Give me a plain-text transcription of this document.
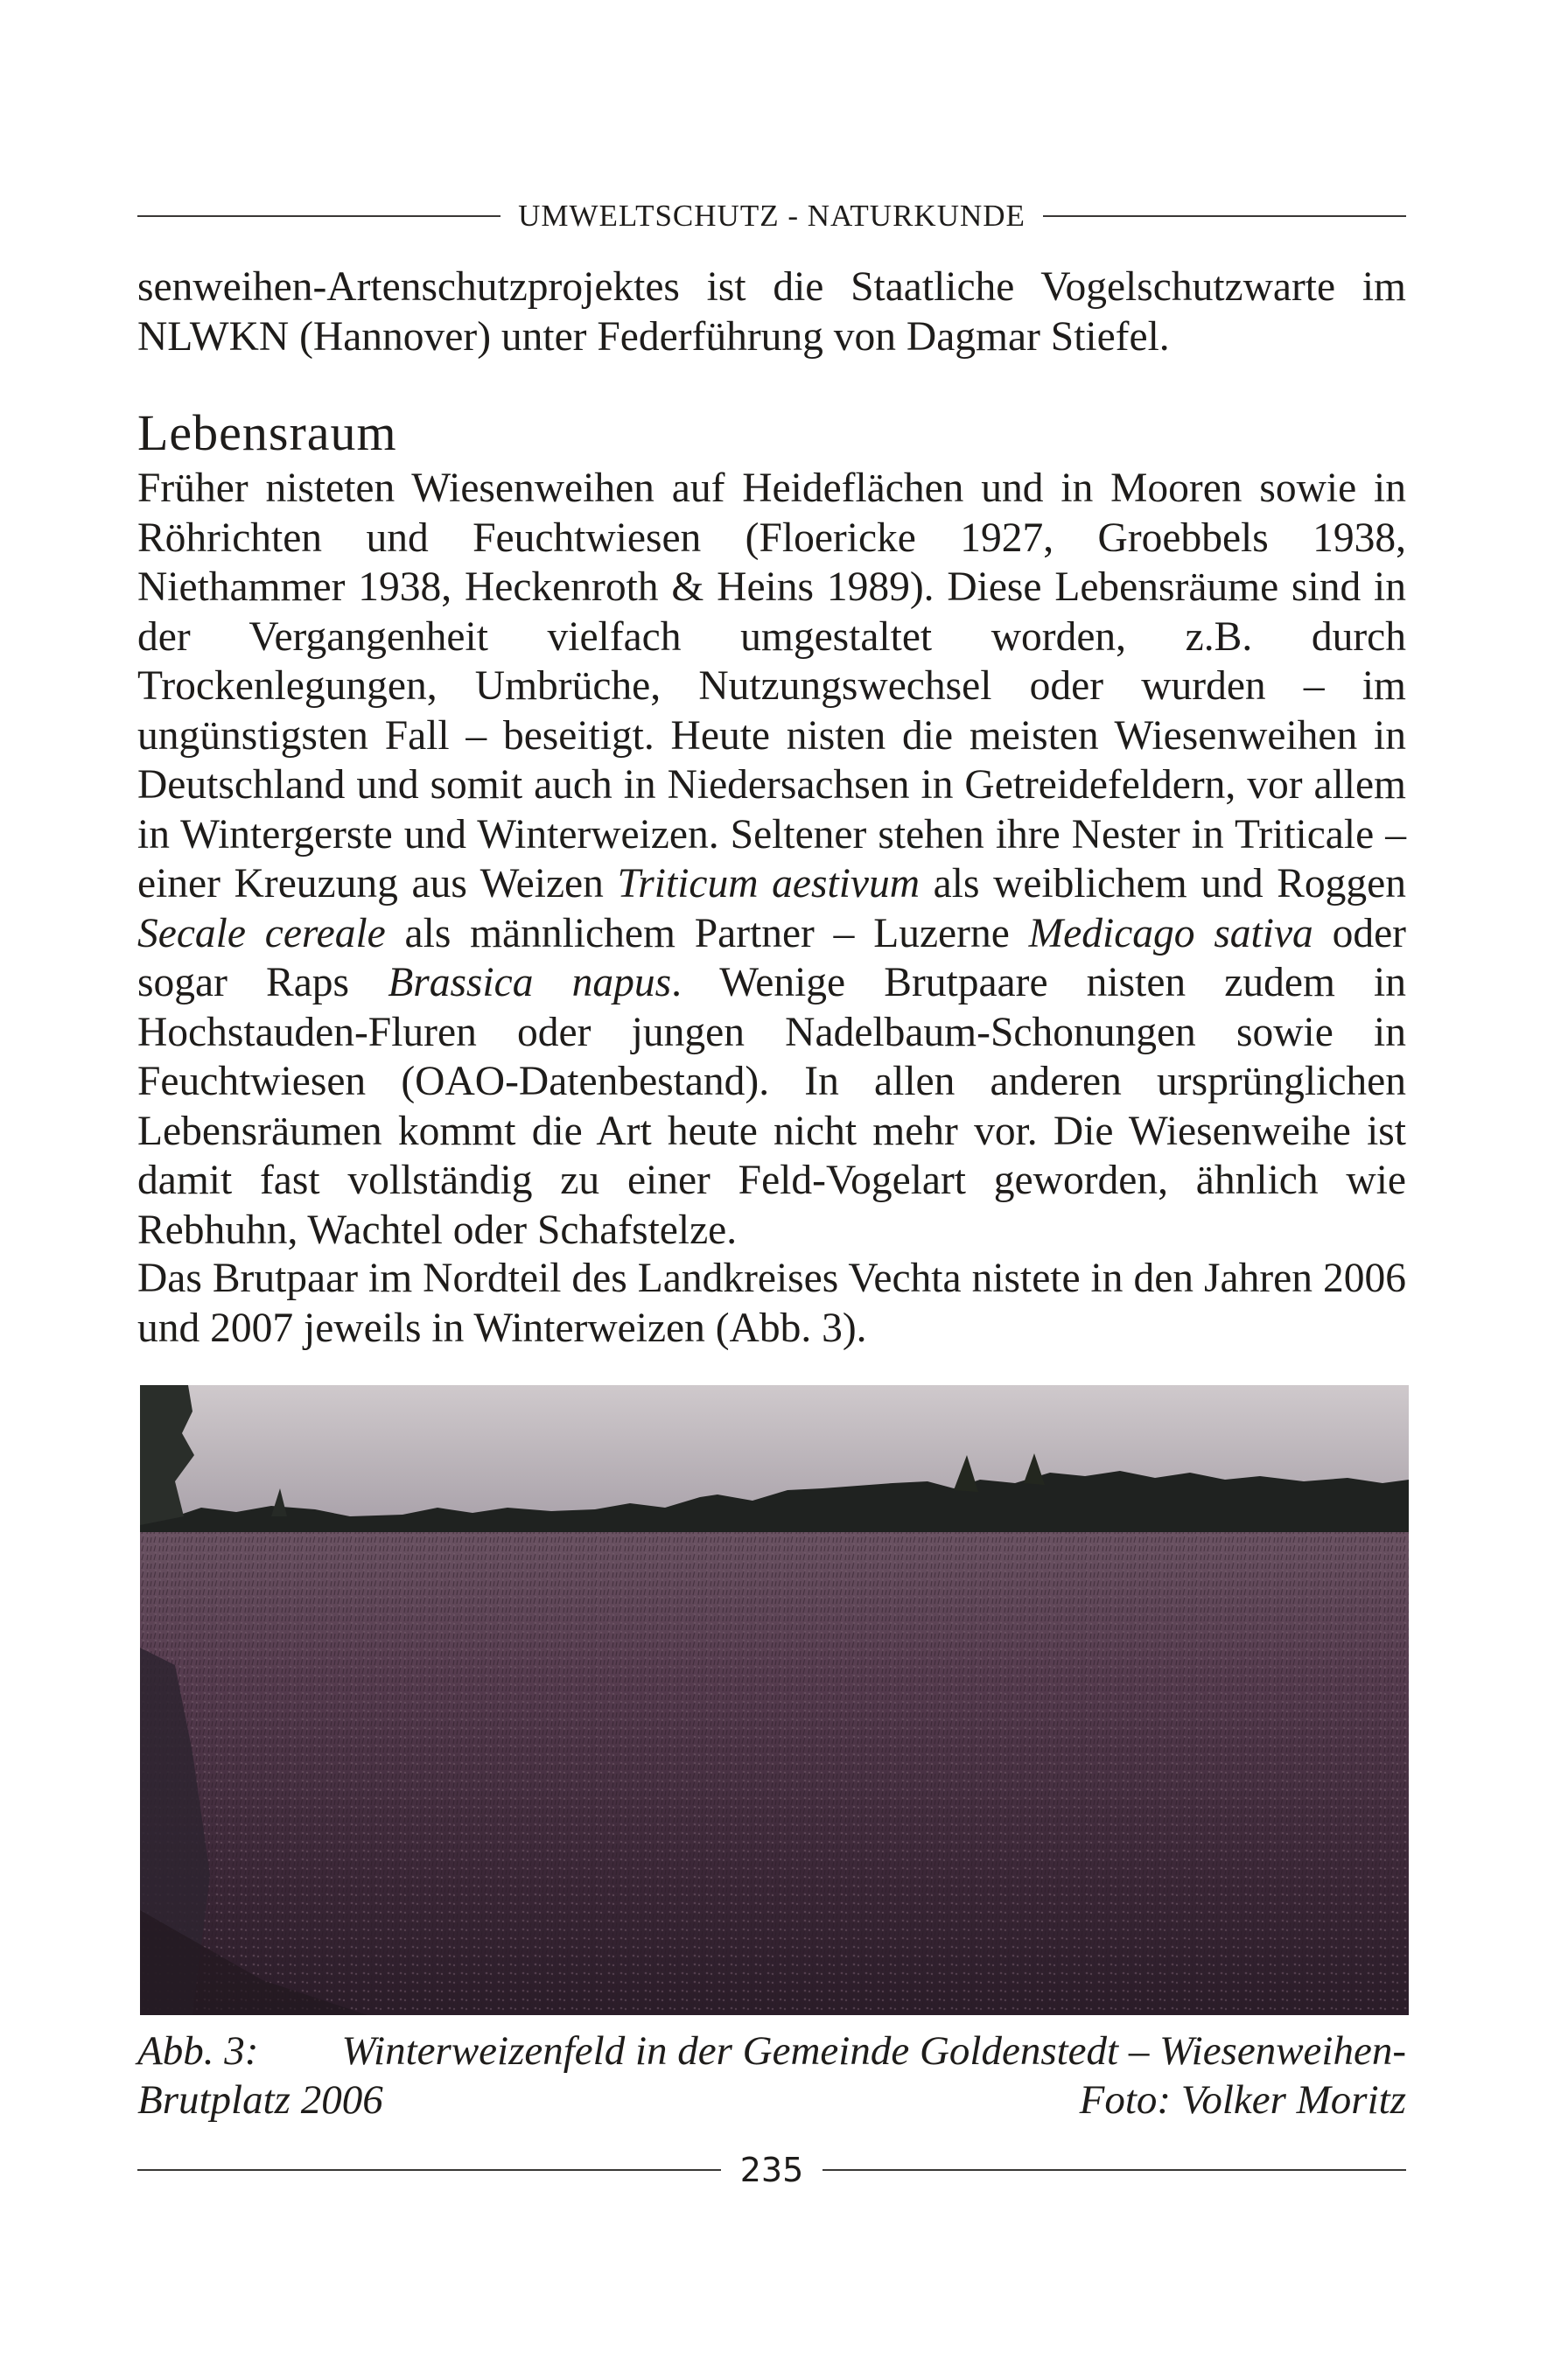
UMWELTSCHUTZ - NATURKUNDE

senweihen-Artenschutzprojektes ist die Staatliche Vogelschutzwarte im NLWKN (Hannover) unter Federführung von Dagmar Stiefel.

Lebensraum

Früher nisteten Wiesenweihen auf Heideflächen und in Mooren sowie in Röhrichten und Feuchtwiesen (Floericke 1927, Groebbels 1938, Niethammer 1938, Heckenroth & Heins 1989). Diese Lebensräume sind in der Vergangenheit vielfach umgestaltet worden, z.B. durch Trockenlegungen, Umbrüche, Nutzungswechsel oder wurden – im ungünstigsten Fall – beseitigt. Heute nisten die meisten Wiesenweihen in Deutschland und somit auch in Niedersachsen in Getreidefeldern, vor allem in Wintergerste und Winterweizen. Seltener stehen ihre Nester in Triticale – einer Kreuzung aus Weizen Triticum aestivum als weiblichem und Roggen Secale cereale als männlichem Partner – Luzerne Medicago sativa oder sogar Raps Brassica napus. Wenige Brutpaare nisten zudem in Hochstauden-Fluren oder jungen Nadelbaum-Schonungen sowie in Feuchtwiesen (OAO-Datenbestand). In allen anderen ursprünglichen Lebensräumen kommt die Art heute nicht mehr vor. Die Wiesenweihe ist damit fast vollständig zu einer Feld-Vogelart geworden, ähnlich wie Rebhuhn, Wachtel oder Schafstelze.

Das Brutpaar im Nordteil des Landkreises Vechta nistete in den Jahren 2006 und 2007 jeweils in Winterweizen (Abb. 3).

Abb. 3: Winterweizenfeld in der Gemeinde Goldenstedt – Wiesenweihen-
Brutplatz 2006	Foto: Volker Moritz
235
